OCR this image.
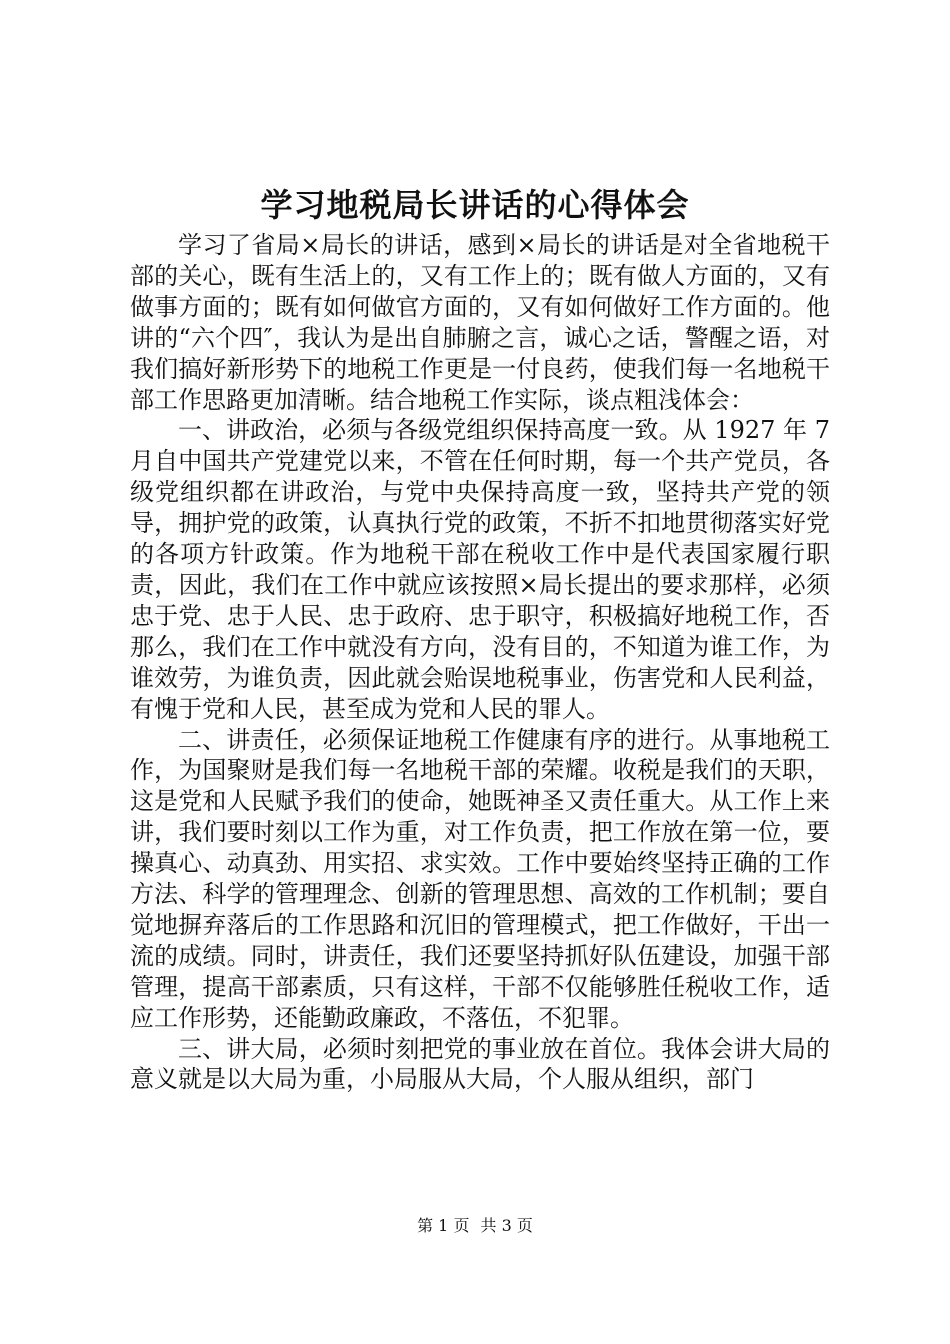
学习地税局长讲话的心得体会

学习了省局×局长的讲话，感到×局长的讲话是对全省地税干部的关心，既有生活上的，又有工作上的；既有做人方面的，又有做事方面的；既有如何做官方面的，又有如何做好工作方面的。他讲的“六个四″，我认为是出自肺腑之言，诚心之话，警醒之语，对我们搞好新形势下的地税工作更是一付良药，使我们每一名地税干部工作思路更加清晰。结合地税工作实际，谈点粗浅体会：

一、讲政治，必须与各级党组织保持高度一致。从 1927 年 7 月自中国共产党建党以来，不管在任何时期，每一个共产党员，各级党组织都在讲政治，与党中央保持高度一致，坚持共产党的领导，拥护党的政策，认真执行党的政策，不折不扣地贯彻落实好党的各项方针政策。作为地税干部在税收工作中是代表国家履行职责，因此，我们在工作中就应该按照×局长提出的要求那样，必须忠于党、忠于人民、忠于政府、忠于职守，积极搞好地税工作，否那么，我们在工作中就没有方向，没有目的，不知道为谁工作，为谁效劳，为谁负责，因此就会贻误地税事业，伤害党和人民利益，有愧于党和人民，甚至成为党和人民的罪人。

二、讲责任，必须保证地税工作健康有序的进行。从事地税工作，为国聚财是我们每一名地税干部的荣耀。收税是我们的天职，这是党和人民赋予我们的使命，她既神圣又责任重大。从工作上来讲，我们要时刻以工作为重，对工作负责，把工作放在第一位，要操真心、动真劲、用实招、求实效。工作中要始终坚持正确的工作方法、科学的管理理念、创新的管理思想、高效的工作机制；要自觉地摒弃落后的工作思路和沉旧的管理模式，把工作做好，干出一流的成绩。同时，讲责任，我们还要坚持抓好队伍建设，加强干部管理，提高干部素质，只有这样，干部不仅能够胜任税收工作，适应工作形势，还能勤政廉政，不落伍，不犯罪。

三、讲大局，必须时刻把党的事业放在首位。我体会讲大局的意义就是以大局为重，小局服从大局，个人服从组织，部门

第 1 页 共 3 页
